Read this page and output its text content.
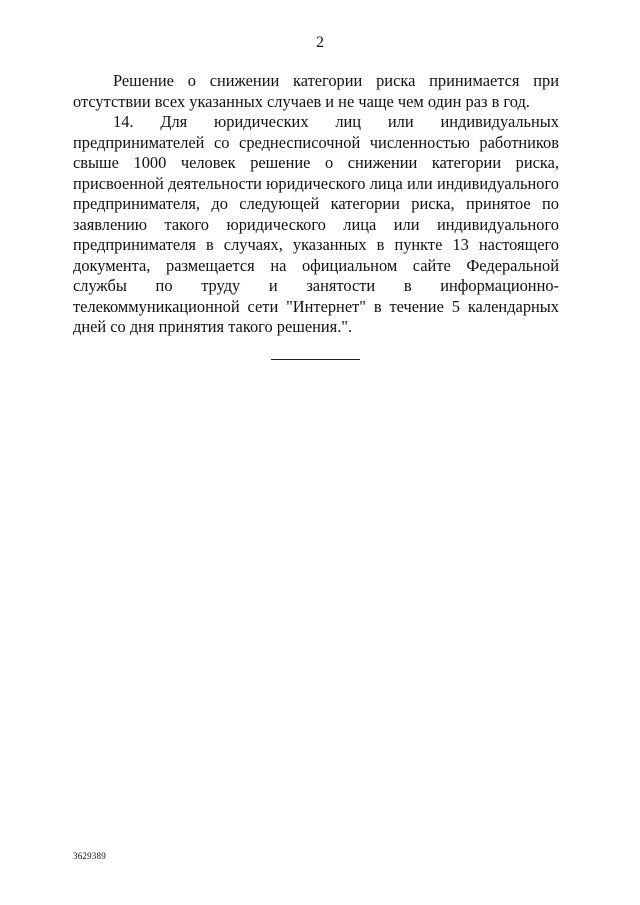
2

Решение о снижении категории риска принимается при отсутствии всех указанных случаев и не чаще чем один раз в год.

14. Для юридических лиц или индивидуальных предпринимателей со среднесписочной численностью работников свыше 1000 человек решение о снижении категории риска, присвоенной деятельности юридического лица или индивидуального предпринимателя, до следующей категории риска, принятое по заявлению такого юридического лица или индивидуального предпринимателя в случаях, указанных в пункте 13 настоящего документа, размещается на официальном сайте Федеральной службы по труду и занятости в информационно-телекоммуникационной сети "Интернет" в течение 5 календарных дней со дня принятия такого решения.".

3629389
